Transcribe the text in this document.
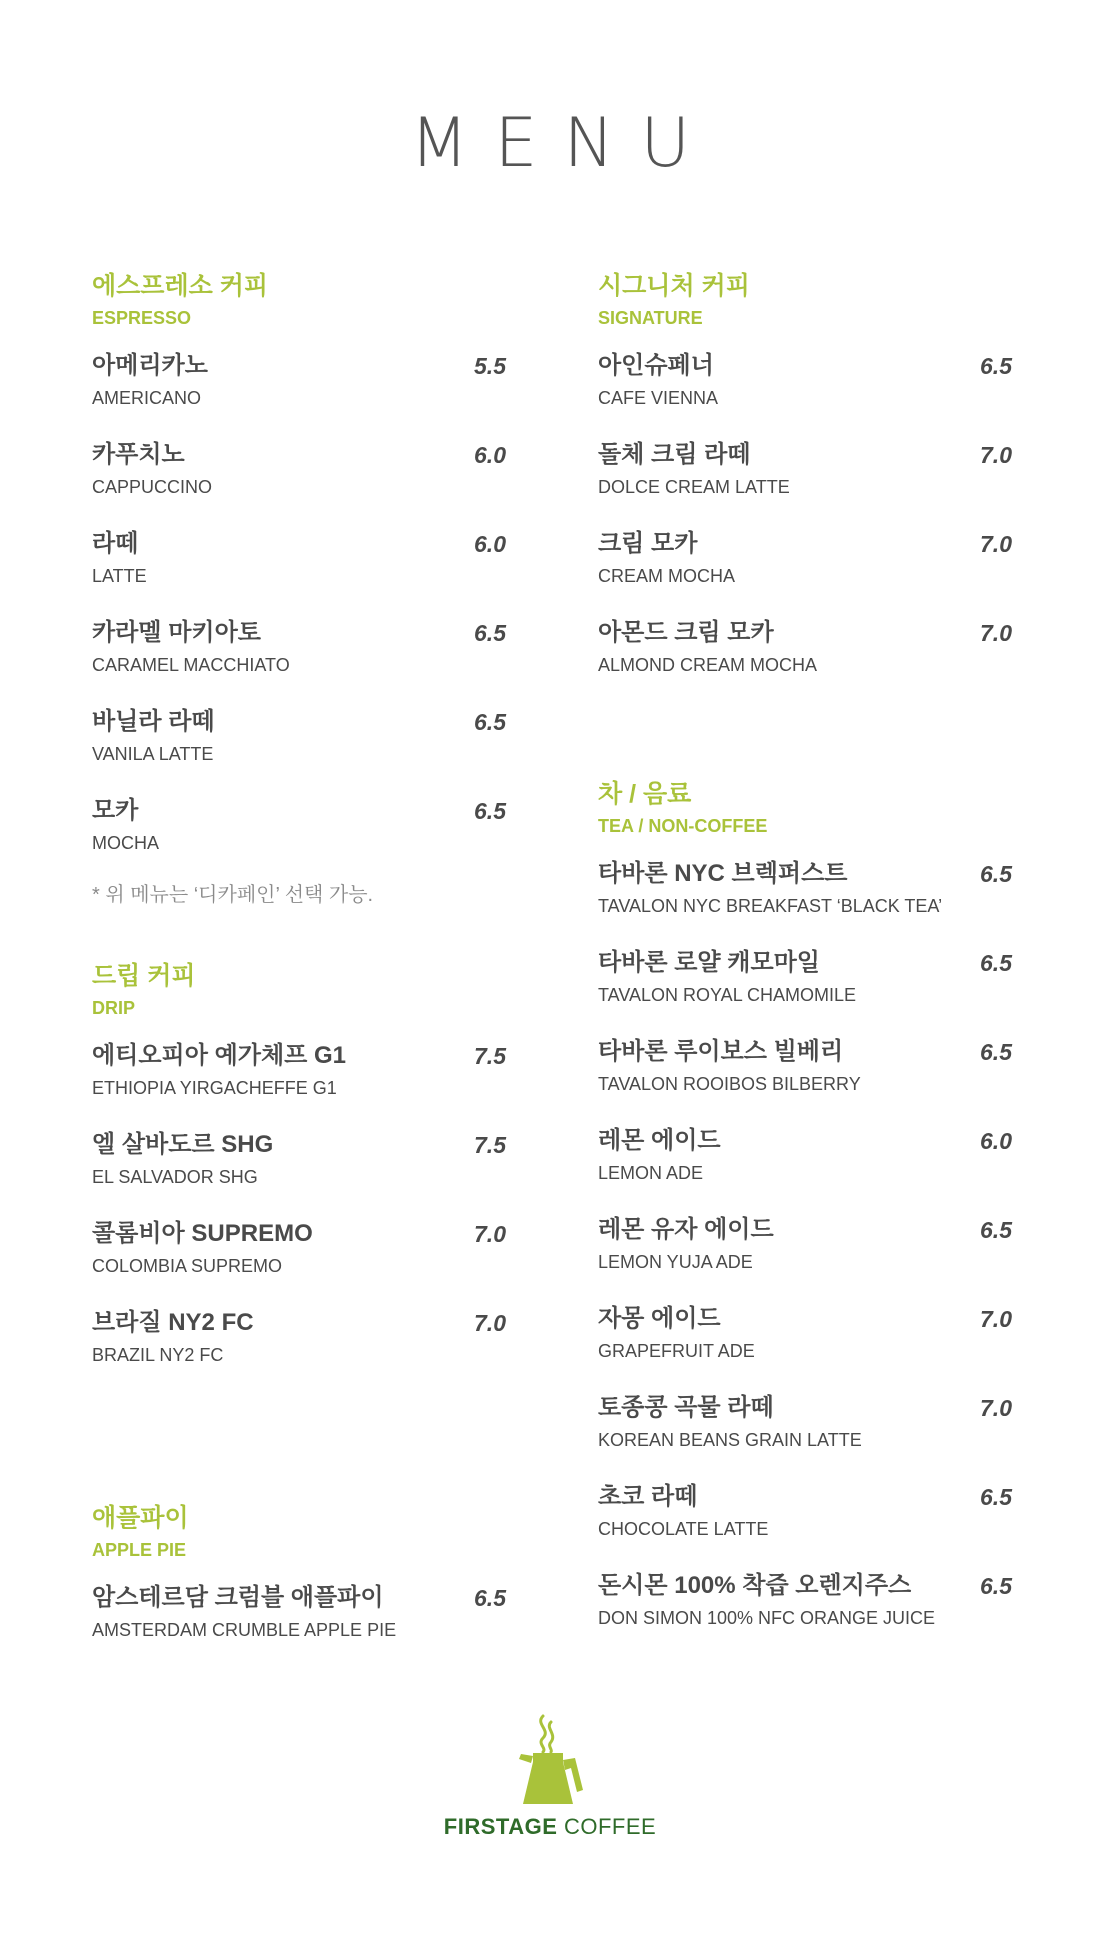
MENU
에스프레소 커피
ESPRESSO
아메리카노
AMERICANO
5.5
카푸치노
CAPPUCCINO
6.0
라떼
LATTE
6.0
카라멜 마키아토
CARAMEL MACCHIATO
6.5
바닐라 라떼
VANILA LATTE
6.5
모카
MOCHA
6.5
* 위 메뉴는 ‘디카페인’ 선택 가능.
드립 커피
DRIP
에티오피아 예가체프 G1
ETHIOPIA YIRGACHEFFE G1
7.5
엘 살바도르 SHG
EL SALVADOR SHG
7.5
콜롬비아 SUPREMO
COLOMBIA SUPREMO
7.0
브라질 NY2 FC
BRAZIL NY2 FC
7.0
애플파이
APPLE PIE
암스테르담 크럼블 애플파이
AMSTERDAM CRUMBLE APPLE PIE
6.5
시그니처 커피
SIGNATURE
아인슈페너
CAFE VIENNA
6.5
돌체 크림 라떼
DOLCE CREAM LATTE
7.0
크림 모카
CREAM MOCHA
7.0
아몬드 크림 모카
ALMOND CREAM MOCHA
7.0
차 / 음료
TEA / NON-COFFEE
타바론 NYC 브렉퍼스트
TAVALON NYC BREAKFAST ‘BLACK TEA’
6.5
타바론 로얄 캐모마일
TAVALON ROYAL CHAMOMILE
6.5
타바론 루이보스 빌베리
TAVALON ROOIBOS BILBERRY
6.5
레몬 에이드
LEMON ADE
6.0
레몬 유자 에이드
LEMON YUJA ADE
6.5
자몽 에이드
GRAPEFRUIT ADE
7.0
토종콩 곡물 라떼
KOREAN BEANS GRAIN LATTE
7.0
초코 라떼
CHOCOLATE LATTE
6.5
돈시몬 100% 착즙 오렌지주스
DON SIMON 100% NFC ORANGE JUICE
6.5
FIRSTAGE COFFEE
